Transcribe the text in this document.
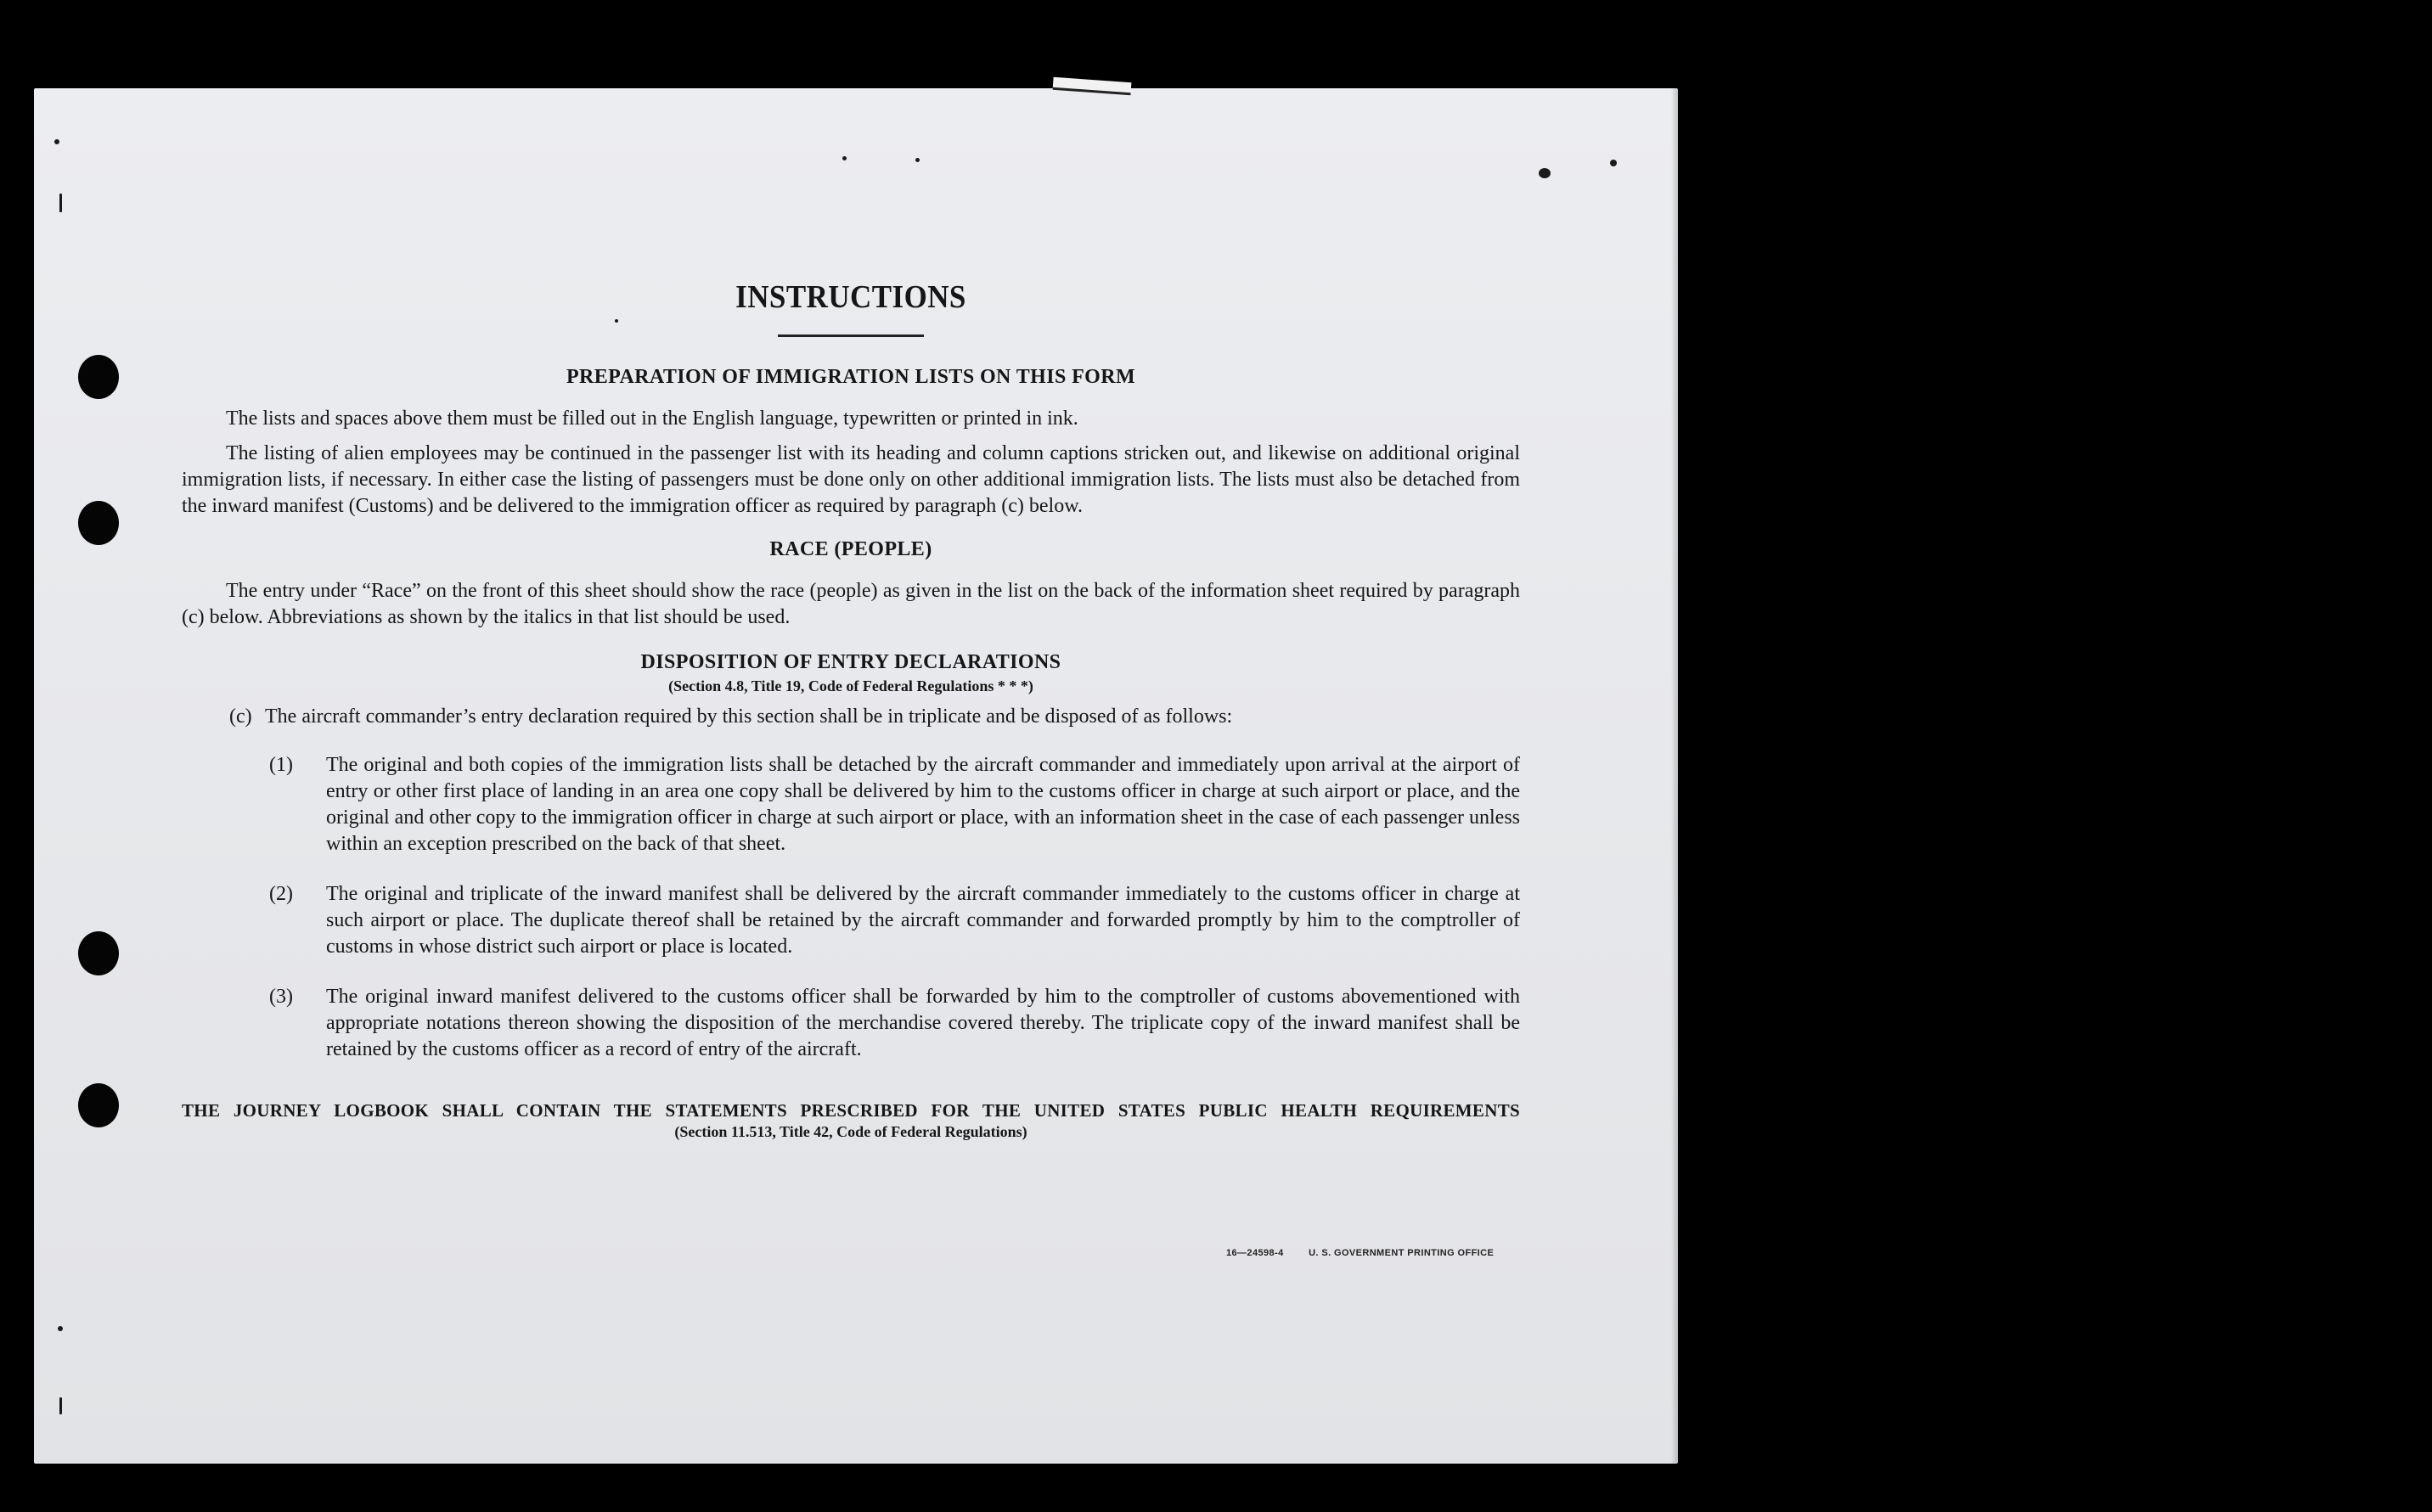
INSTRUCTIONS
PREPARATION OF IMMIGRATION LISTS ON THIS FORM

The lists and spaces above them must be filled out in the English language, typewritten or printed in ink.

The listing of alien employees may be continued in the passenger list with its heading and column captions stricken out, and likewise on additional original immigration lists, if necessary. In either case the listing of passengers must be done only on other additional immigration lists. The lists must also be detached from the inward manifest (Customs) and be delivered to the immigration officer as required by paragraph (c) below.

RACE (PEOPLE)

The entry under “Race” on the front of this sheet should show the race (people) as given in the list on the back of the information sheet required by paragraph (c) below. Abbreviations as shown by the italics in that list should be used.

DISPOSITION OF ENTRY DECLARATIONS

(Section 4.8, Title 19, Code of Federal Regulations * * *)

(c) The aircraft commander’s entry declaration required by this section shall be in triplicate and be disposed of as follows:

(1) The original and both copies of the immigration lists shall be detached by the aircraft commander and immediately upon arrival at the airport of entry or other first place of landing in an area one copy shall be delivered by him to the customs officer in charge at such airport or place, and the original and other copy to the immigration officer in charge at such airport or place, with an information sheet in the case of each passenger unless within an exception prescribed on the back of that sheet.

(2) The original and triplicate of the inward manifest shall be delivered by the aircraft commander immediately to the customs officer in charge at such airport or place. The duplicate thereof shall be retained by the aircraft commander and forwarded promptly by him to the comptroller of customs in whose district such airport or place is located.

(3) The original inward manifest delivered to the customs officer shall be forwarded by him to the comptroller of customs abovementioned with appropriate notations thereon showing the disposition of the merchandise covered thereby. The triplicate copy of the inward manifest shall be retained by the customs officer as a record of entry of the aircraft.

THE JOURNEY LOGBOOK SHALL CONTAIN THE STATEMENTS PRESCRIBED FOR THE UNITED STATES PUBLIC HEALTH REQUIREMENTS

(Section 11.513, Title 42, Code of Federal Regulations)

16—24598-4	U. S. GOVERNMENT PRINTING OFFICE
